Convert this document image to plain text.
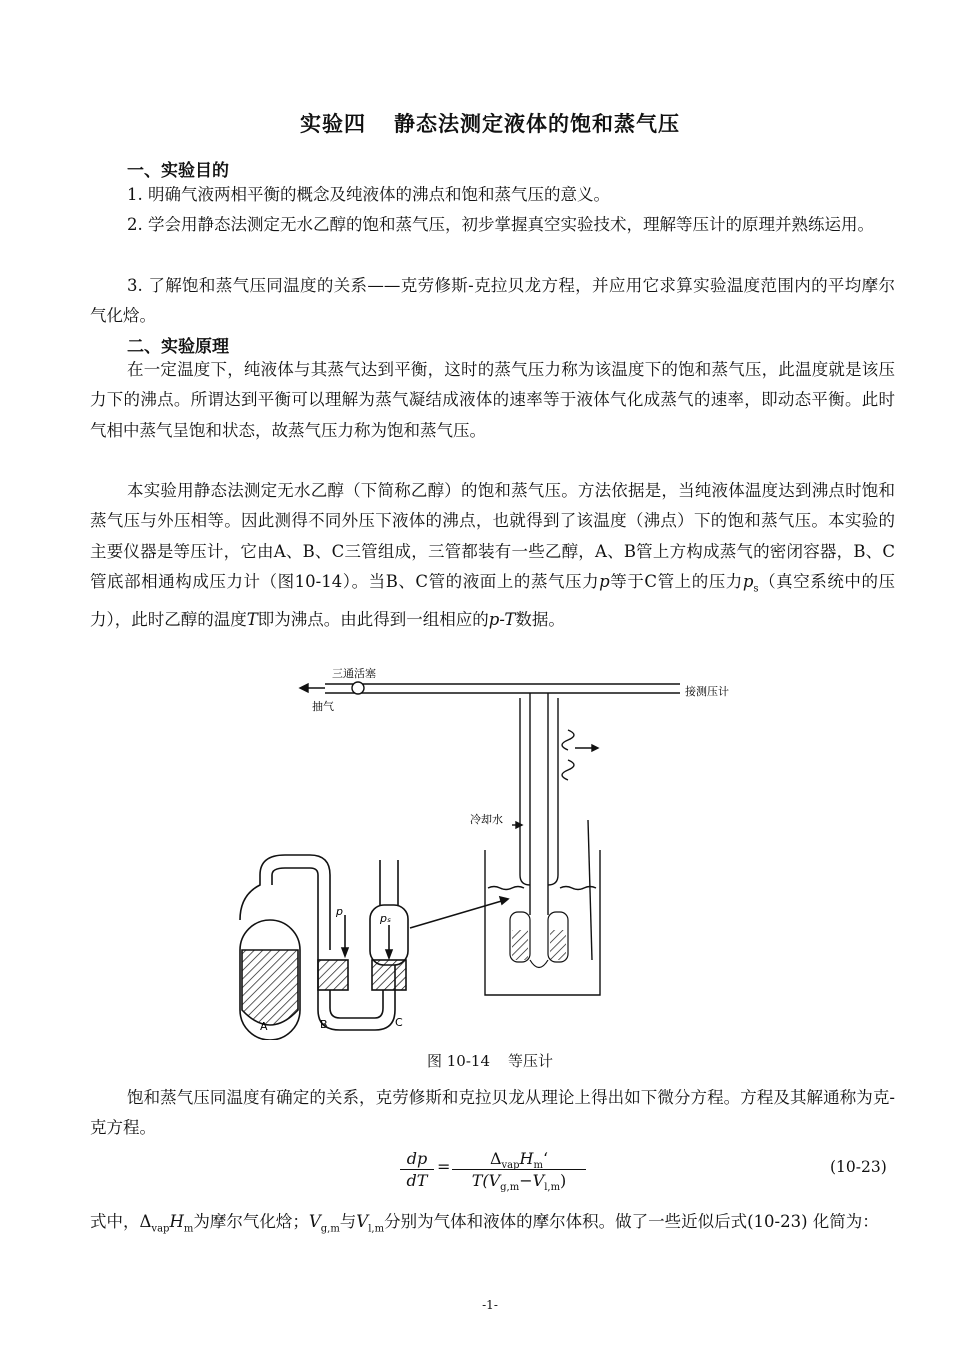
实验四 静态法测定液体的饱和蒸气压
一、实验目的

1. 明确气液两相平衡的概念及纯液体的沸点和饱和蒸气压的意义。

2. 学会用静态法测定无水乙醇的饱和蒸气压，初步掌握真空实验技术，理解等压计的原理并熟练运用。

3. 了解饱和蒸气压同温度的关系——克劳修斯-克拉贝龙方程，并应用它求算实验温度范围内的平均摩尔气化焓。

二、实验原理

在一定温度下，纯液体与其蒸气达到平衡，这时的蒸气压力称为该温度下的饱和蒸气压，此温度就是该压力下的沸点。所谓达到平衡可以理解为蒸气凝结成液体的速率等于液体气化成蒸气的速率，即动态平衡。此时气相中蒸气呈饱和状态，故蒸气压力称为饱和蒸气压。

本实验用静态法测定无水乙醇（下简称乙醇）的饱和蒸气压。方法依据是，当纯液体温度达到沸点时饱和蒸气压与外压相等。因此测得不同外压下液体的沸点，也就得到了该温度（沸点）下的饱和蒸气压。本实验的主要仪器是等压计，它由A、B、C三管组成，三管都装有一些乙醇，A、B管上方构成蒸气的密闭容器，B、C管底部相通构成压力计（图10-14）。当B、C管的液面上的蒸气压力p等于C管上的压力$p_s$（真空系统中的压力），此时乙醇的温度T即为沸点。由此得到一组相应的p-T数据。

三通活塞
抽气
接测压计
冷却水
p
pₛ
A	B	C
图 10-14 等压计

饱和蒸气压同温度有确定的关系，克劳修斯和克拉贝龙从理论上得出如下微分方程。方程及其解通称为克-克方程。

dp
dT
=	$\Delta_{vap}H_mʻ$
$T(V_{g,m}-V_{l,m})$
(10-23)

式中，$\Delta_{vap}H_m$为摩尔气化焓；$V_{g,m}$与$V_{l,m}$分别为气体和液体的摩尔体积。做了一些近似后式(10-23) 化简为：

-1-
